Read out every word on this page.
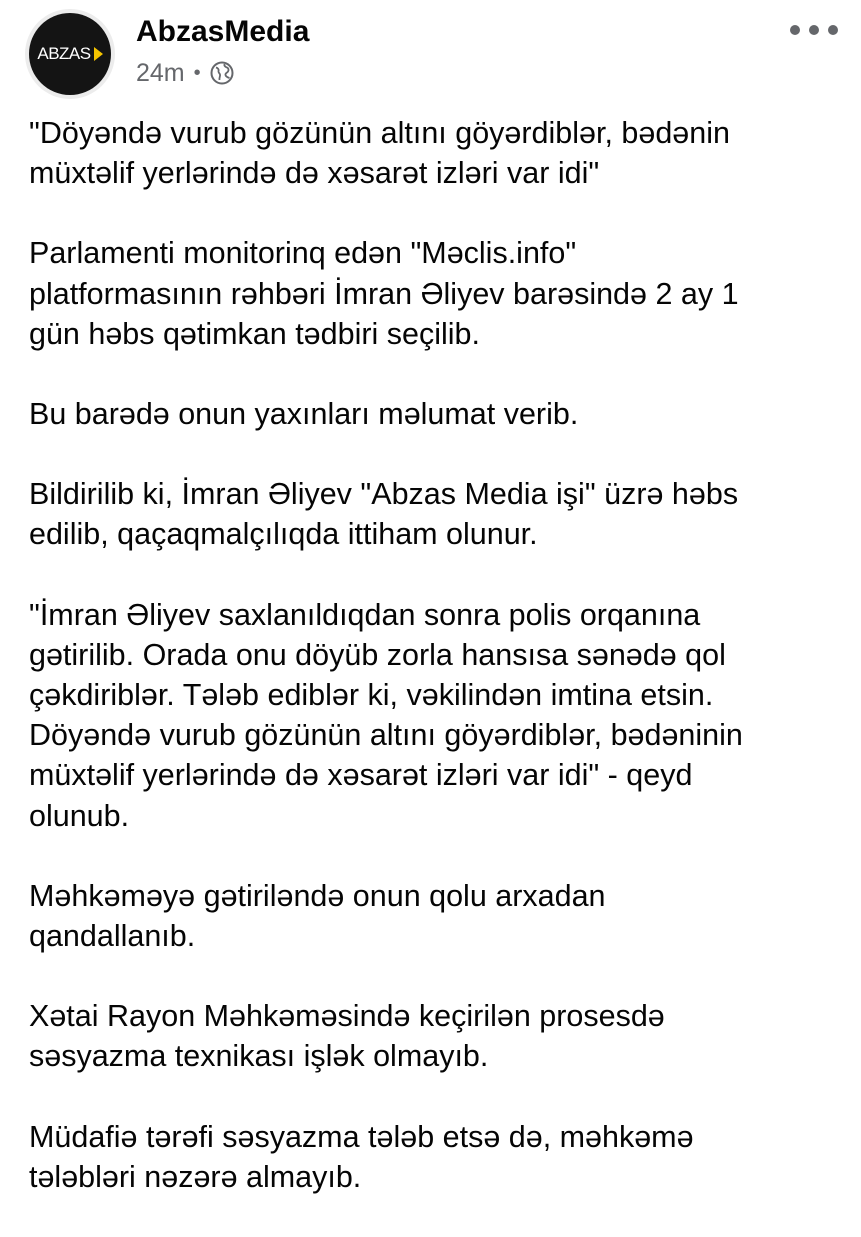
ABZAS
AbzasMedia
24m •

"Döyəndə vurub gözünün altını göyərdiblər, bədənin
müxtəlif yerlərində də xəsarət izləri var idi"

Parlamenti monitorinq edən "Məclis.info"
platformasının rəhbəri İmran Əliyev barəsində 2 ay 1
gün həbs qətimkan tədbiri seçilib.

Bu barədə onun yaxınları məlumat verib.

Bildirilib ki, İmran Əliyev "Abzas Media işi" üzrə həbs
edilib, qaçaqmalçılıqda ittiham olunur.

"İmran Əliyev saxlanıldıqdan sonra polis orqanına
gətirilib. Orada onu döyüb zorla hansısa sənədə qol
çəkdiriblər. Tələb ediblər ki, vəkilindən imtina etsin.
Döyəndə vurub gözünün altını göyərdiblər, bədəninin
müxtəlif yerlərində də xəsarət izləri var idi" - qeyd
olunub.

Məhkəməyə gətiriləndə onun qolu arxadan
qandallanıb.

Xətai Rayon Məhkəməsində keçirilən prosesdə
səsyazma texnikası işlək olmayıb.

Müdafiə tərəfi səsyazma tələb etsə də, məhkəmə
tələbləri nəzərə almayıb.
